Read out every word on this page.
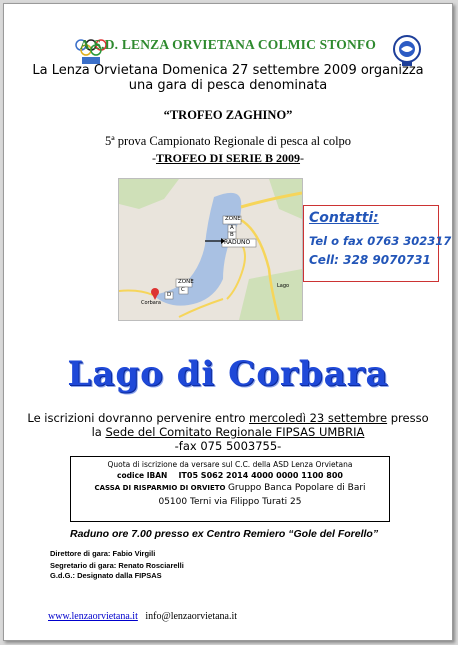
A.S.D. LENZA ORVIETANA COLMIC STONFO
La Lenza Orvietana Domenica 27 settembre 2009 organizza
una gara di pesca denominata
“TROFEO ZAGHINO”
5ª prova Campionato Regionale di pesca al colpo
-TROFEO DI SERIE B 2009-
ZONE
A
B
RADUNO
ZONE
C
D
Corbara
Lago
Contatti:
Tel o fax 0763 302317
Cell: 328 9070731
Lago di Corbara
Le iscrizioni dovranno pervenire entro mercoledì 23 settembre presso
la Sede del Comitato Regionale FIPSAS UMBRIA
-fax 075 5003755-
Quota di iscrizione da versare sul C.C. della ASD Lenza Orvietana
codice IBAN IT05 S062 2014 4000 0000 1100 800
CASSA DI RISPARMIO DI ORVIETO Gruppo Banca Popolare di Bari
05100 Terni via Filippo Turati 25
Raduno ore 7.00 presso ex Centro Remiero “Gole del Forello”
Direttore di gara: Fabio Virgili
Segretario di gara: Renato Rosciarelli
G.d.G.: Designato dalla FIPSAS
www.lenzaorvietana.it info@lenzaorvietana.it
